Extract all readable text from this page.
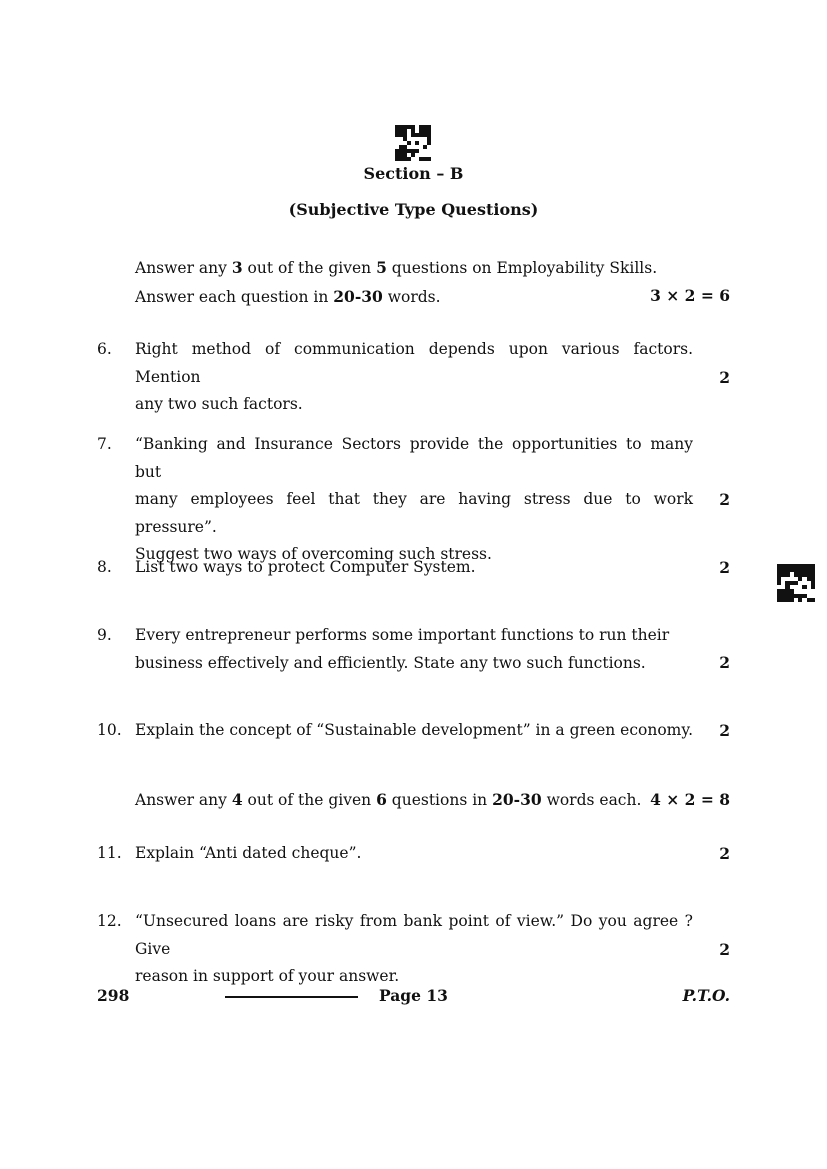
Section – B
(Subjective Type Questions)
Answer any 3 out of the given 5 questions on Employability Skills.
Answer each question in 20-30 words.	3 × 2 = 6
6. Right method of communication depends upon various factors. Mention
any two such factors.
2
7. “Banking and Insurance Sectors provide the opportunities to many but
many employees feel that they are having stress due to work pressure”.
Suggest two ways of overcoming such stress.
2
8. List two ways to protect Computer System.	2
9. Every entrepreneur performs some important functions to run their
business effectively and efficiently. State any two such functions.	2
10. Explain the concept of “Sustainable development” in a green economy. 2
Answer any 4 out of the given 6 questions in 20-30 words each. 4 × 2 = 8
11. Explain “Anti dated cheque”.	2
12. “Unsecured loans are risky from bank point of view.” Do you agree ? Give
reason in support of your answer.
2
298	Page 13	P.T.O.
